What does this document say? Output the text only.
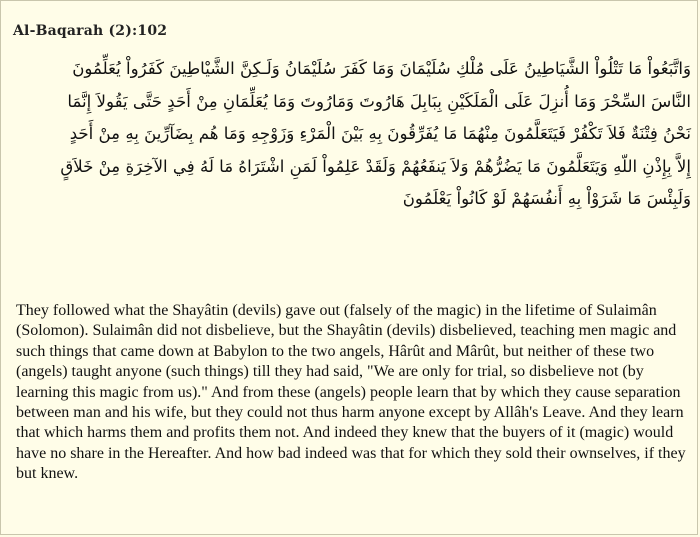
Al-Baqarah (2):102

وَاتَّبَعُواْ مَا تَتْلُواْ الشَّيَاطِينُ عَلَى مُلْكِ سُلَيْمَانَ وَمَا كَفَرَ سُلَيْمَانُ وَلَـكِنَّ الشَّيْاطِينَ كَفَرُواْ يُعَلِّمُونَ النَّاسَ السِّحْرَ وَمَا أُنزِلَ عَلَى الْمَلَكَيْنِ بِبَابِلَ هَارُوتَ وَمَارُوتَ وَمَا يُعَلِّمَانِ مِنْ أَحَدٍ حَتَّى يَقُولاَ إِنَّمَا نَحْنُ فِتْنَةٌ فَلاَ تَكْفُرْ فَيَتَعَلَّمُونَ مِنْهُمَا مَا يُفَرِّقُونَ بِهِ بَيْنَ الْمَرْءِ وَزَوْجِهِ وَمَا هُم بِضَآرِّينَ بِهِ مِنْ أَحَدٍ إِلاَّ بِإِذْنِ اللّهِ وَيَتَعَلَّمُونَ مَا يَضُرُّهُمْ وَلاَ يَنفَعُهُمْ وَلَقَدْ عَلِمُواْ لَمَنِ اشْتَرَاهُ مَا لَهُ فِي الآخِرَةِ مِنْ خَلاَقٍ وَلَبِئْسَ مَا شَرَوْاْ بِهِ أَنفُسَهُمْ لَوْ كَانُواْ يَعْلَمُونَ

They followed what the Shayâtin (devils) gave out (falsely of the magic) in the lifetime of Sulaimân (Solomon). Sulaimân did not disbelieve, but the Shayâtin (devils) disbelieved, teaching men magic and such things that came down at Babylon to the two angels, Hârût and Mârût, but neither of these two (angels) taught anyone (such things) till they had said, "We are only for trial, so disbelieve not (by learning this magic from us)." And from these (angels) people learn that by which they cause separation between man and his wife, but they could not thus harm anyone except by Allâh's Leave. And they learn that which harms them and profits them not. And indeed they knew that the buyers of it (magic) would have no share in the Hereafter. And how bad indeed was that for which they sold their ownselves, if they but knew.
